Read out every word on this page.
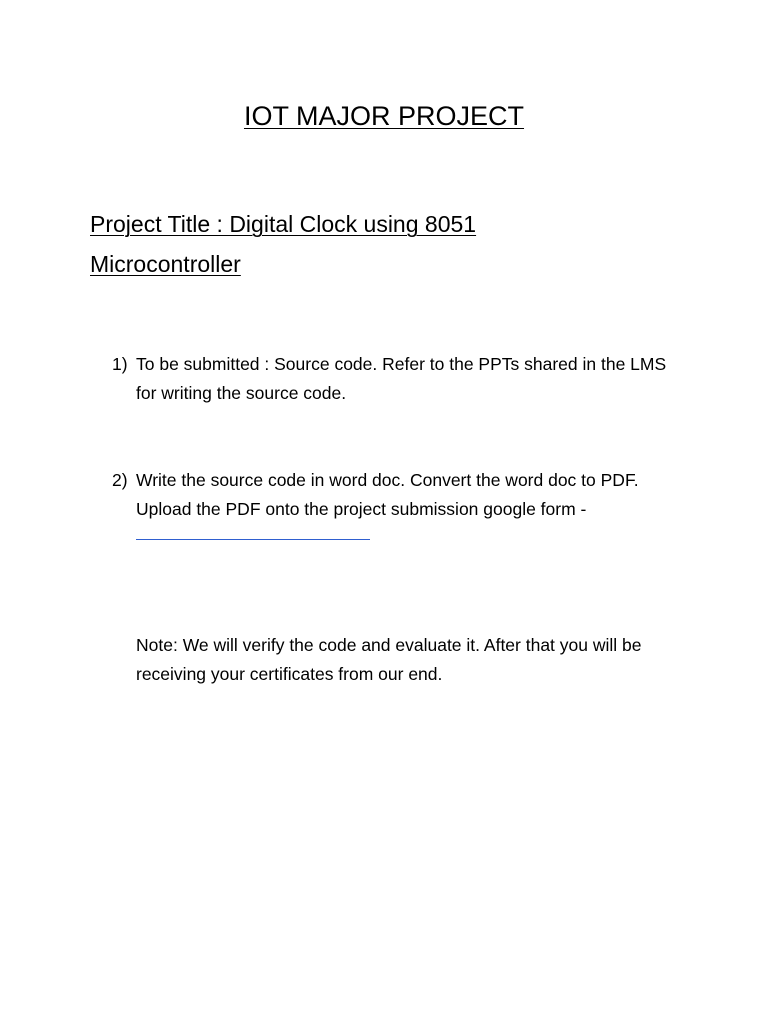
IOT MAJOR PROJECT
Project Title : Digital Clock using 8051 Microcontroller
1) To be submitted : Source code. Refer to the PPTs shared in the LMS for writing the source code.
2) Write the source code in word doc. Convert the word doc to PDF. Upload the PDF onto the project submission google form -
Note: We will verify the code and evaluate it. After that you will be receiving your certificates from our end.
